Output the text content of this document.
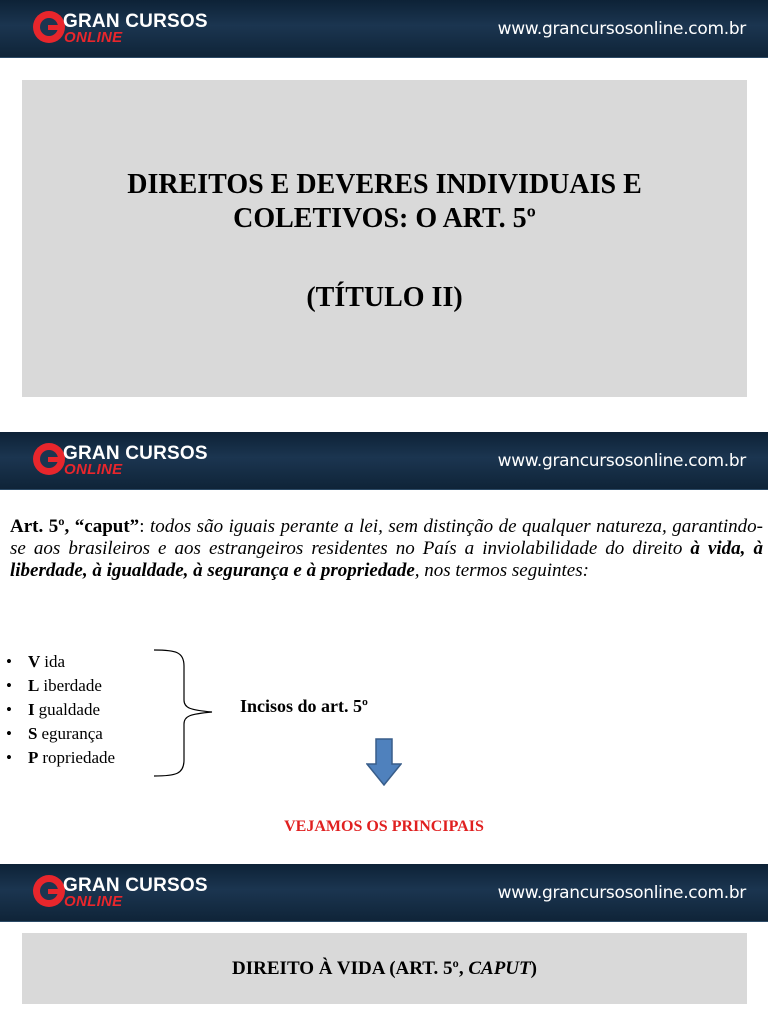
GRAN CURSOS
ONLINE	www.grancursosonline.com.br
DIREITOS E DEVERES INDIVIDUAIS E
COLETIVOS: O ART. 5º
(TÍTULO II)
GRAN CURSOS
ONLINE	www.grancursosonline.com.br
Art. 5º, “caput”: todos são iguais perante a lei, sem distinção de qualquer natureza, garantindo-se aos brasileiros e aos estrangeiros residentes no País a inviolabilidade do direito à vida, à liberdade, à igualdade, à segurança e à propriedade, nos termos seguintes:
• V ida
• L iberdade
• I gualdade
• S egurança
• P ropriedade
Incisos do art. 5º
VEJAMOS OS PRINCIPAIS
GRAN CURSOS
ONLINE	www.grancursosonline.com.br
DIREITO À VIDA (ART. 5º, CAPUT)
